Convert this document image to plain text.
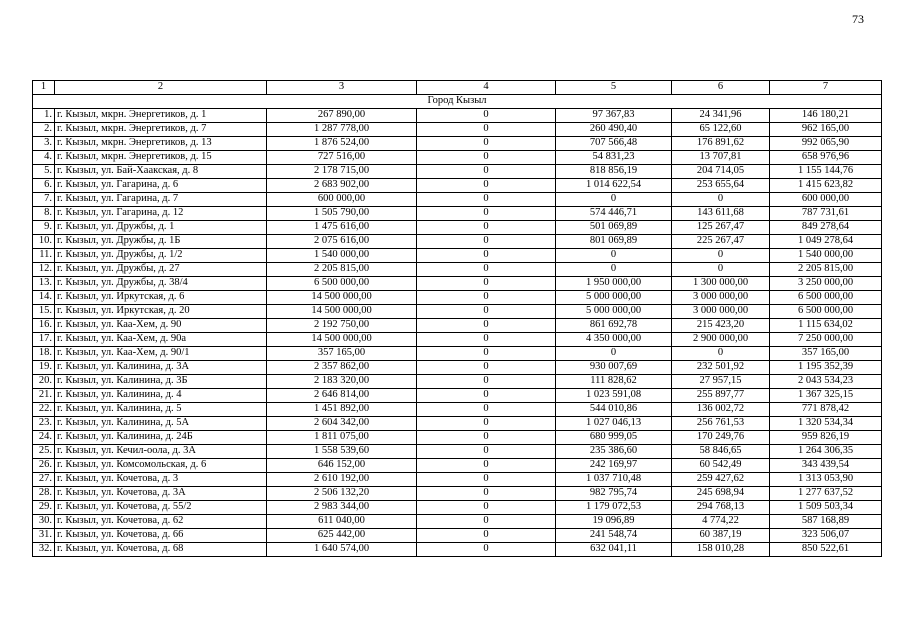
73
1	2	3	4	5	6	7
Город Кызыл						
1.	г. Кызыл, мкрн. Энергетиков, д. 1	267 890,00	0	97 367,83	24 341,96	146 180,21
2.	г. Кызыл, мкрн. Энергетиков, д. 7	1 287 778,00	0	260 490,40	65 122,60	962 165,00
3.	г. Кызыл, мкрн. Энергетиков, д. 13	1 876 524,00	0	707 566,48	176 891,62	992 065,90
4.	г. Кызыл, мкрн. Энергетиков, д. 15	727 516,00	0	54 831,23	13 707,81	658 976,96
5.	г. Кызыл, ул. Бай-Хаакская, д. 8	2 178 715,00	0	818 856,19	204 714,05	1 155 144,76
6.	г. Кызыл, ул. Гагарина, д. 6	2 683 902,00	0	1 014 622,54	253 655,64	1 415 623,82
7.	г. Кызыл, ул. Гагарина, д. 7	600 000,00	0	0	0	600 000,00
8.	г. Кызыл, ул. Гагарина, д. 12	1 505 790,00	0	574 446,71	143 611,68	787 731,61
9.	г. Кызыл, ул. Дружбы, д. 1	1 475 616,00	0	501 069,89	125 267,47	849 278,64
10.	г. Кызыл, ул. Дружбы, д. 1Б	2 075 616,00	0	801 069,89	225 267,47	1 049 278,64
11.	г. Кызыл, ул. Дружбы, д. 1/2	1 540 000,00	0	0	0	1 540 000,00
12.	г. Кызыл, ул. Дружбы, д. 27	2 205 815,00	0	0	0	2 205 815,00
13.	г. Кызыл, ул. Дружбы, д. 38/4	6 500 000,00	0	1 950 000,00	1 300 000,00	3 250 000,00
14.	г. Кызыл, ул. Иркутская, д. 6	14 500 000,00	0	5 000 000,00	3 000 000,00	6 500 000,00
15.	г. Кызыл, ул. Иркутская, д. 20	14 500 000,00	0	5 000 000,00	3 000 000,00	6 500 000,00
16.	г. Кызыл, ул. Каа-Хем, д. 90	2 192 750,00	0	861 692,78	215 423,20	1 115 634,02
17.	г. Кызыл, ул. Каа-Хем, д. 90а	14 500 000,00	0	4 350 000,00	2 900 000,00	7 250 000,00
18.	г. Кызыл, ул. Каа-Хем, д. 90/1	357 165,00	0	0	0	357 165,00
19.	г. Кызыл, ул. Калинина, д. 3А	2 357 862,00	0	930 007,69	232 501,92	1 195 352,39
20.	г. Кызыл, ул. Калинина, д. 3Б	2 183 320,00	0	111 828,62	27 957,15	2 043 534,23
21.	г. Кызыл, ул. Калинина, д. 4	2 646 814,00	0	1 023 591,08	255 897,77	1 367 325,15
22.	г. Кызыл, ул. Калинина, д. 5	1 451 892,00	0	544 010,86	136 002,72	771 878,42
23.	г. Кызыл, ул. Калинина, д. 5А	2 604 342,00	0	1 027 046,13	256 761,53	1 320 534,34
24.	г. Кызыл, ул. Калинина, д. 24Б	1 811 075,00	0	680 999,05	170 249,76	959 826,19
25.	г. Кызыл, ул. Кечил-оола, д. 3А	1 558 539,60	0	235 386,60	58 846,65	1 264 306,35
26.	г. Кызыл, ул. Комсомольская, д. 6	646 152,00	0	242 169,97	60 542,49	343 439,54
27.	г. Кызыл, ул. Кочетова, д. 3	2 610 192,00	0	1 037 710,48	259 427,62	1 313 053,90
28.	г. Кызыл, ул. Кочетова, д. 3А	2 506 132,20	0	982 795,74	245 698,94	1 277 637,52
29.	г. Кызыл, ул. Кочетова, д. 55/2	2 983 344,00	0	1 179 072,53	294 768,13	1 509 503,34
30.	г. Кызыл, ул. Кочетова, д. 62	611 040,00	0	19 096,89	4 774,22	587 168,89
31.	г. Кызыл, ул. Кочетова, д. 66	625 442,00	0	241 548,74	60 387,19	323 506,07
32.	г. Кызыл, ул. Кочетова, д. 68	1 640 574,00	0	632 041,11	158 010,28	850 522,61
